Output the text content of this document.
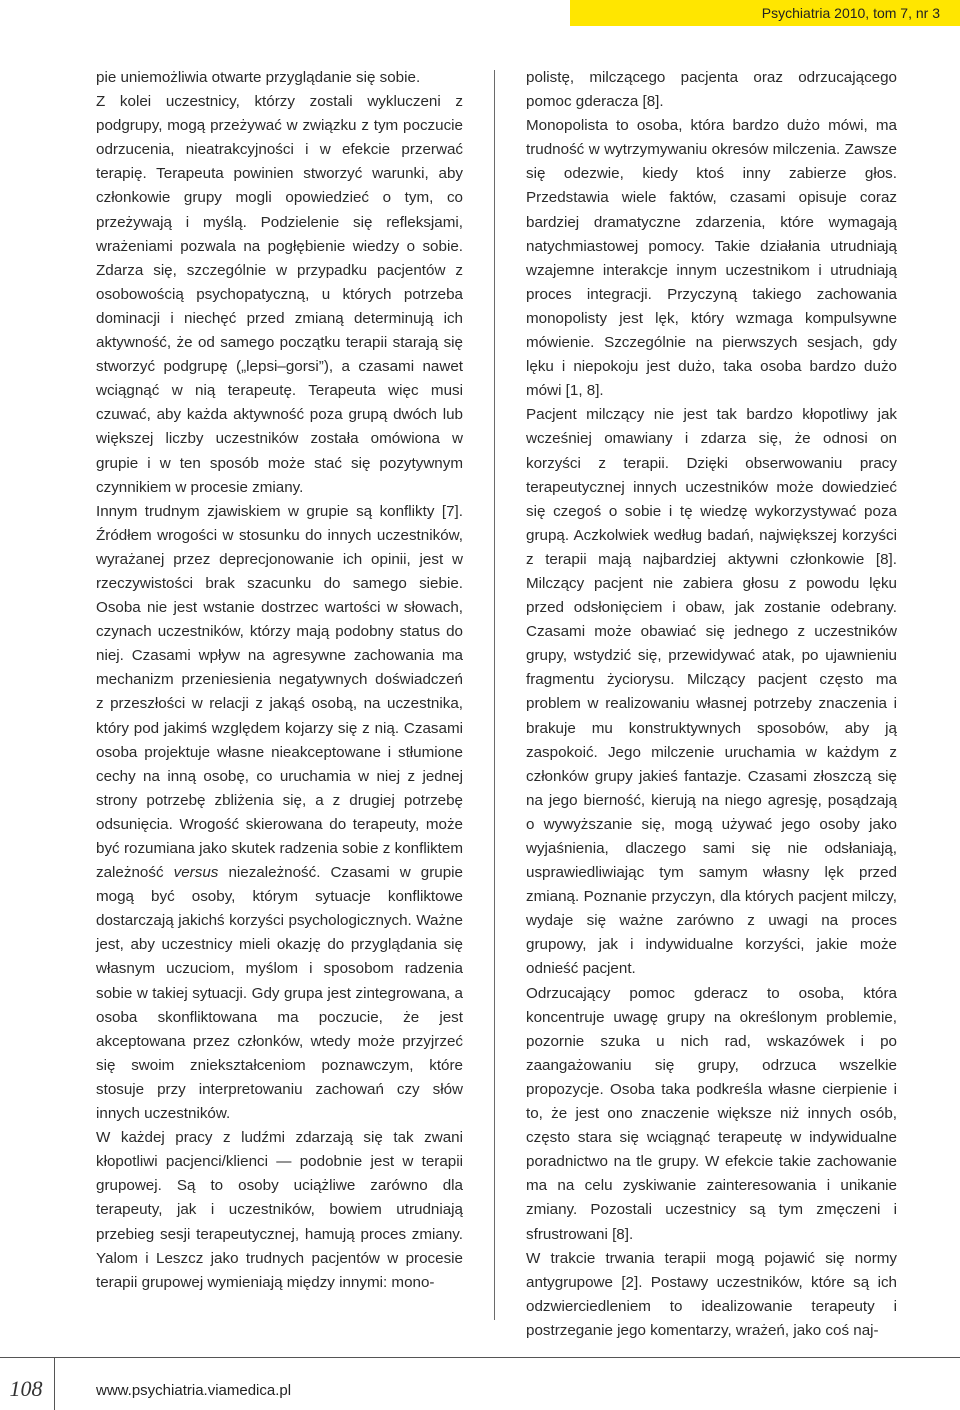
Psychiatria 2010, tom 7, nr 3

pie uniemożliwia otwarte przyglądanie się sobie.

Z kolei uczestnicy, którzy zostali wykluczeni z podgrupy, mogą przeżywać w związku z tym poczucie odrzucenia, nieatrakcyjności i w efekcie przerwać terapię. Terapeuta powinien stworzyć warunki, aby członkowie grupy mogli opowiedzieć o tym, co przeżywają i myślą. Podzielenie się refleksjami, wrażeniami pozwala na pogłębienie wiedzy o sobie. Zdarza się, szczególnie w przypadku pacjentów z osobowością psychopatyczną, u których potrzeba dominacji i niechęć przed zmianą determinują ich aktywność, że od samego początku terapii starają się stworzyć podgrupę („lepsi–gorsi”), a czasami nawet wciągnąć w nią terapeutę. Terapeuta więc musi czuwać, aby każda aktywność poza grupą dwóch lub większej liczby uczestników została omówiona w grupie i w ten sposób może stać się pozytywnym czynnikiem w procesie zmiany.

Innym trudnym zjawiskiem w grupie są konflikty [7]. Źródłem wrogości w stosunku do innych uczestników, wyrażanej przez deprecjonowanie ich opinii, jest w rzeczywistości brak szacunku do samego siebie. Osoba nie jest wstanie dostrzec wartości w słowach, czynach uczestników, którzy mają podobny status do niej. Czasami wpływ na agresywne zachowania ma mechanizm przeniesienia negatywnych doświadczeń z przeszłości w relacji z jakąś osobą, na uczestnika, który pod jakimś względem kojarzy się z nią. Czasami osoba projektuje własne nieakceptowane i stłumione cechy na inną osobę, co uruchamia w niej z jednej strony potrzebę zbliżenia się, a z drugiej potrzebę odsunięcia. Wrogość skierowana do terapeuty, może być rozumiana jako skutek radzenia sobie z konfliktem zależność versus niezależność. Czasami w grupie mogą być osoby, którym sytuacje konfliktowe dostarczają jakichś korzyści psychologicznych. Ważne jest, aby uczestnicy mieli okazję do przyglądania się własnym uczuciom, myślom i sposobom radzenia sobie w takiej sytuacji. Gdy grupa jest zintegrowana, a osoba skonfliktowana ma poczucie, że jest akceptowana przez członków, wtedy może przyjrzeć się swoim zniekształceniom poznawczym, które stosuje przy interpretowaniu zachowań czy słów innych uczestników.

W każdej pracy z ludźmi zdarzają się tak zwani kłopotliwi pacjenci/klienci — podobnie jest w terapii grupowej. Są to osoby uciążliwe zarówno dla terapeuty, jak i uczestników, bowiem utrudniają przebieg sesji terapeutycznej, hamują proces zmiany. Yalom i Leszcz jako trudnych pacjentów w procesie terapii grupowej wymieniają między innymi: mono-

polistę, milczącego pacjenta oraz odrzucającego pomoc gderacza [8].

Monopolista to osoba, która bardzo dużo mówi, ma trudność w wytrzymywaniu okresów milczenia. Zawsze się odezwie, kiedy ktoś inny zabierze głos. Przedstawia wiele faktów, czasami opisuje coraz bardziej dramatyczne zdarzenia, które wymagają natychmiastowej pomocy. Takie działania utrudniają wzajemne interakcje innym uczestnikom i utrudniają proces integracji. Przyczyną takiego zachowania monopolisty jest lęk, który wzmaga kompulsywne mówienie. Szczególnie na pierwszych sesjach, gdy lęku i niepokoju jest dużo, taka osoba bardzo dużo mówi [1, 8].

Pacjent milczący nie jest tak bardzo kłopotliwy jak wcześniej omawiany i zdarza się, że odnosi on korzyści z terapii. Dzięki obserwowaniu pracy terapeutycznej innych uczestników może dowiedzieć się czegoś o sobie i tę wiedzę wykorzystywać poza grupą. Aczkolwiek według badań, największej korzyści z terapii mają najbardziej aktywni członkowie [8]. Milczący pacjent nie zabiera głosu z powodu lęku przed odsłonięciem i obaw, jak zostanie odebrany. Czasami może obawiać się jednego z uczestników grupy, wstydzić się, przewidywać atak, po ujawnieniu fragmentu życiorysu. Milczący pacjent często ma problem w realizowaniu własnej potrzeby znaczenia i brakuje mu konstruktywnych sposobów, aby ją zaspokoić. Jego milczenie uruchamia w każdym z członków grupy jakieś fantazje. Czasami złoszczą się na jego bierność, kierują na niego agresję, posądzają o wywyższanie się, mogą używać jego osoby jako wyjaśnienia, dlaczego sami się nie odsłaniają, usprawiedliwiając tym samym własny lęk przed zmianą. Poznanie przyczyn, dla których pacjent milczy, wydaje się ważne zarówno z uwagi na proces grupowy, jak i indywidualne korzyści, jakie może odnieść pacjent.

Odrzucający pomoc gderacz to osoba, która koncentruje uwagę grupy na określonym problemie, pozornie szuka u nich rad, wskazówek i po zaangażowaniu się grupy, odrzuca wszelkie propozycje. Osoba taka podkreśla własne cierpienie i to, że jest ono znaczenie większe niż innych osób, często stara się wciągnąć terapeutę w indywidualne poradnictwo na tle grupy. W efekcie takie zachowanie ma na celu zyskiwanie zainteresowania i unikanie zmiany. Pozostali uczestnicy są tym zmęczeni i sfrustrowani [8].

W trakcie trwania terapii mogą pojawić się normy antygrupowe [2]. Postawy uczestników, które są ich odzwierciedleniem to idealizowanie terapeuty i postrzeganie jego komentarzy, wrażeń, jako coś naj-

108	www.psychiatria.viamedica.pl
